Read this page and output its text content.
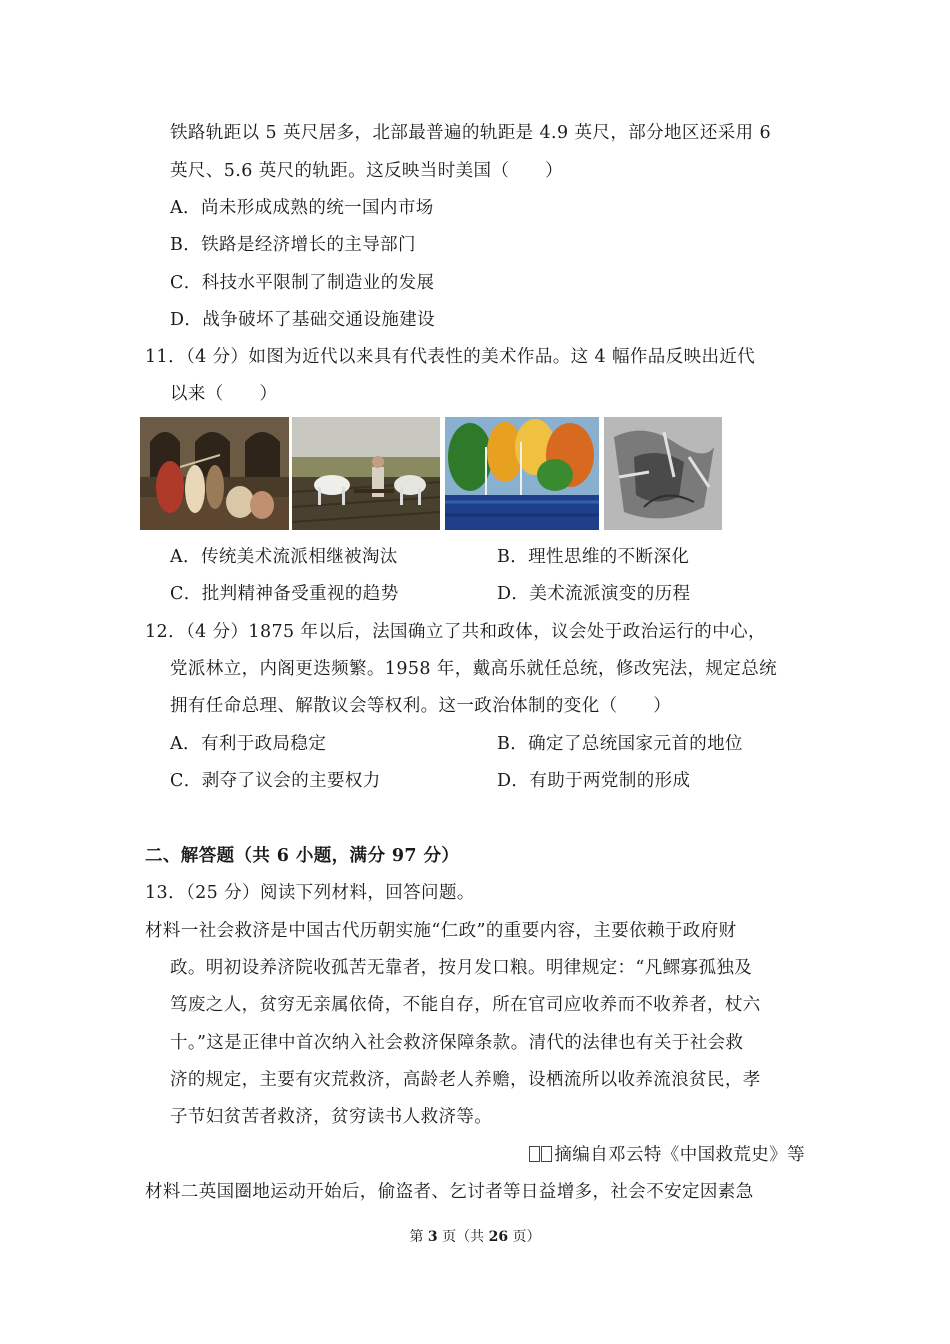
铁路轨距以 5 英尺居多，北部最普遍的轨距是 4.9 英尺，部分地区还采用 6
英尺、5.6 英尺的轨距。这反映当时美国（　　）
A．尚未形成成熟的统一国内市场
B．铁路是经济增长的主导部门
C．科技水平限制了制造业的发展
D．战争破坏了基础交通设施建设
11．（4 分）如图为近代以来具有代表性的美术作品。这 4 幅作品反映出近代
以来（　　）
A．传统美术流派相继被淘汰	B．理性思维的不断深化
C．批判精神备受重视的趋势	D．美术流派演变的历程
12．（4 分）1875 年以后，法国确立了共和政体，议会处于政治运行的中心，
党派林立，内阁更迭频繁。1958 年，戴高乐就任总统，修改宪法，规定总统
拥有任命总理、解散议会等权利。这一政治体制的变化（　　）
A．有利于政局稳定	B．确定了总统国家元首的地位
C．剥夺了议会的主要权力	D．有助于两党制的形成
二、解答题（共 6 小题，满分 97 分）
13．（25 分）阅读下列材料，回答问题。
材料一社会救济是中国古代历朝实施“仁政”的重要内容，主要依赖于政府财
政。明初设养济院收孤苦无靠者，按月发口粮。明律规定：“凡鳏寡孤独及
笃废之人，贫穷无亲属依倚，不能自存，所在官司应收养而不收养者，杖六
十。”这是正律中首次纳入社会救济保障条款。清代的法律也有关于社会救
济的规定，主要有灾荒救济，高龄老人养赡，设栖流所以收养流浪贫民，孝
子节妇贫苦者救济，贫穷读书人救济等。
摘编自邓云特《中国救荒史》等
材料二英国圈地运动开始后，偷盗者、乞讨者等日益增多，社会不安定因素急
第 3 页（共 26 页）
